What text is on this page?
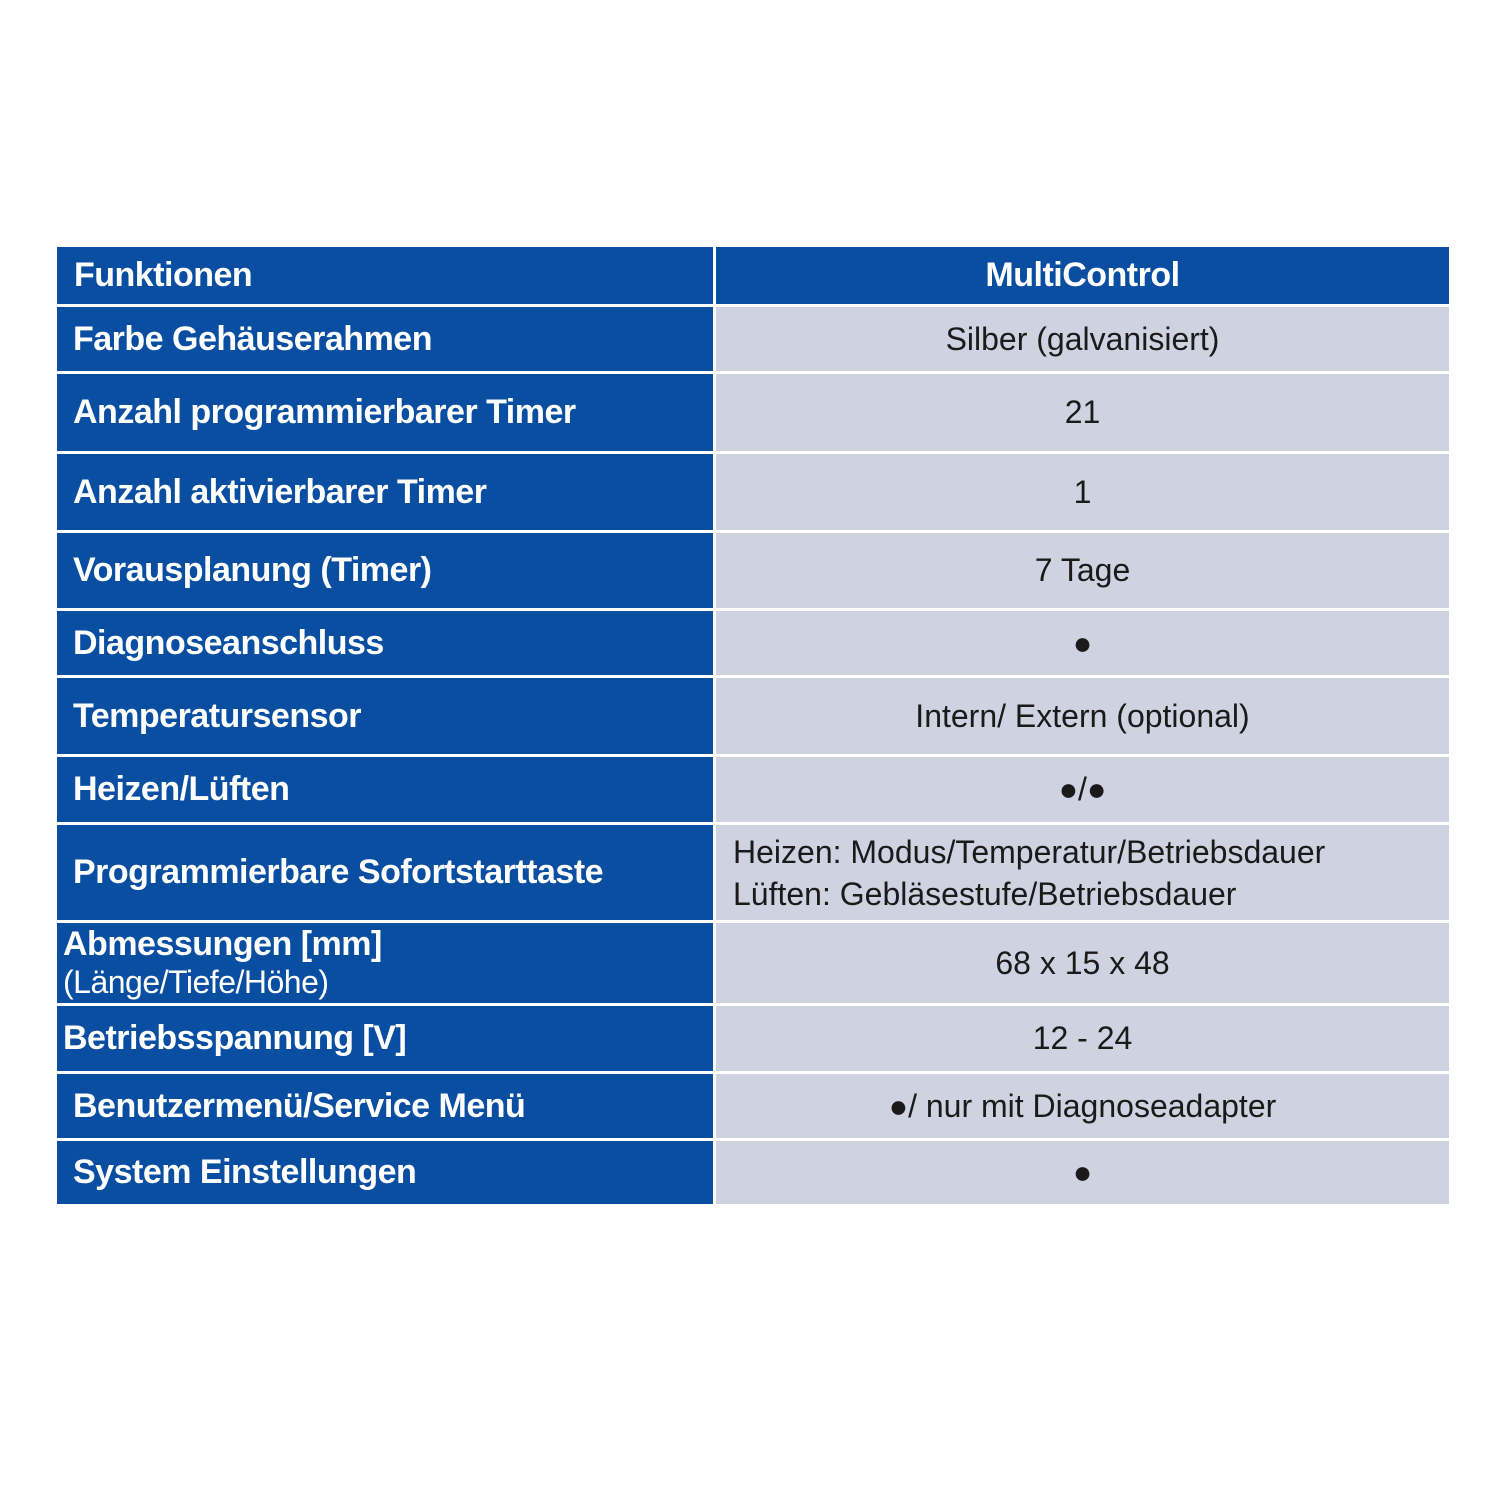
Funktionen	MultiControl
Farbe Gehäuserahmen	Silber (galvanisiert)
Anzahl programmierbarer Timer	21
Anzahl aktivierbarer Timer	1
Vorausplanung (Timer)	7 Tage
Diagnoseanschluss	●
Temperatursensor	Intern/ Extern (optional)
Heizen/Lüften	●/●
Programmierbare Sofortstarttaste	Heizen: Modus/Temperatur/Betriebsdauer
Lüften: Gebläsestufe/Betriebsdauer

Abmessungen [mm]
(Länge/Tiefe/Höhe)	68 x 15 x 48
Betriebsspannung [V]	12 - 24
Benutzermenü/Service Menü	●/ nur mit Diagnoseadapter
System Einstellungen	●
